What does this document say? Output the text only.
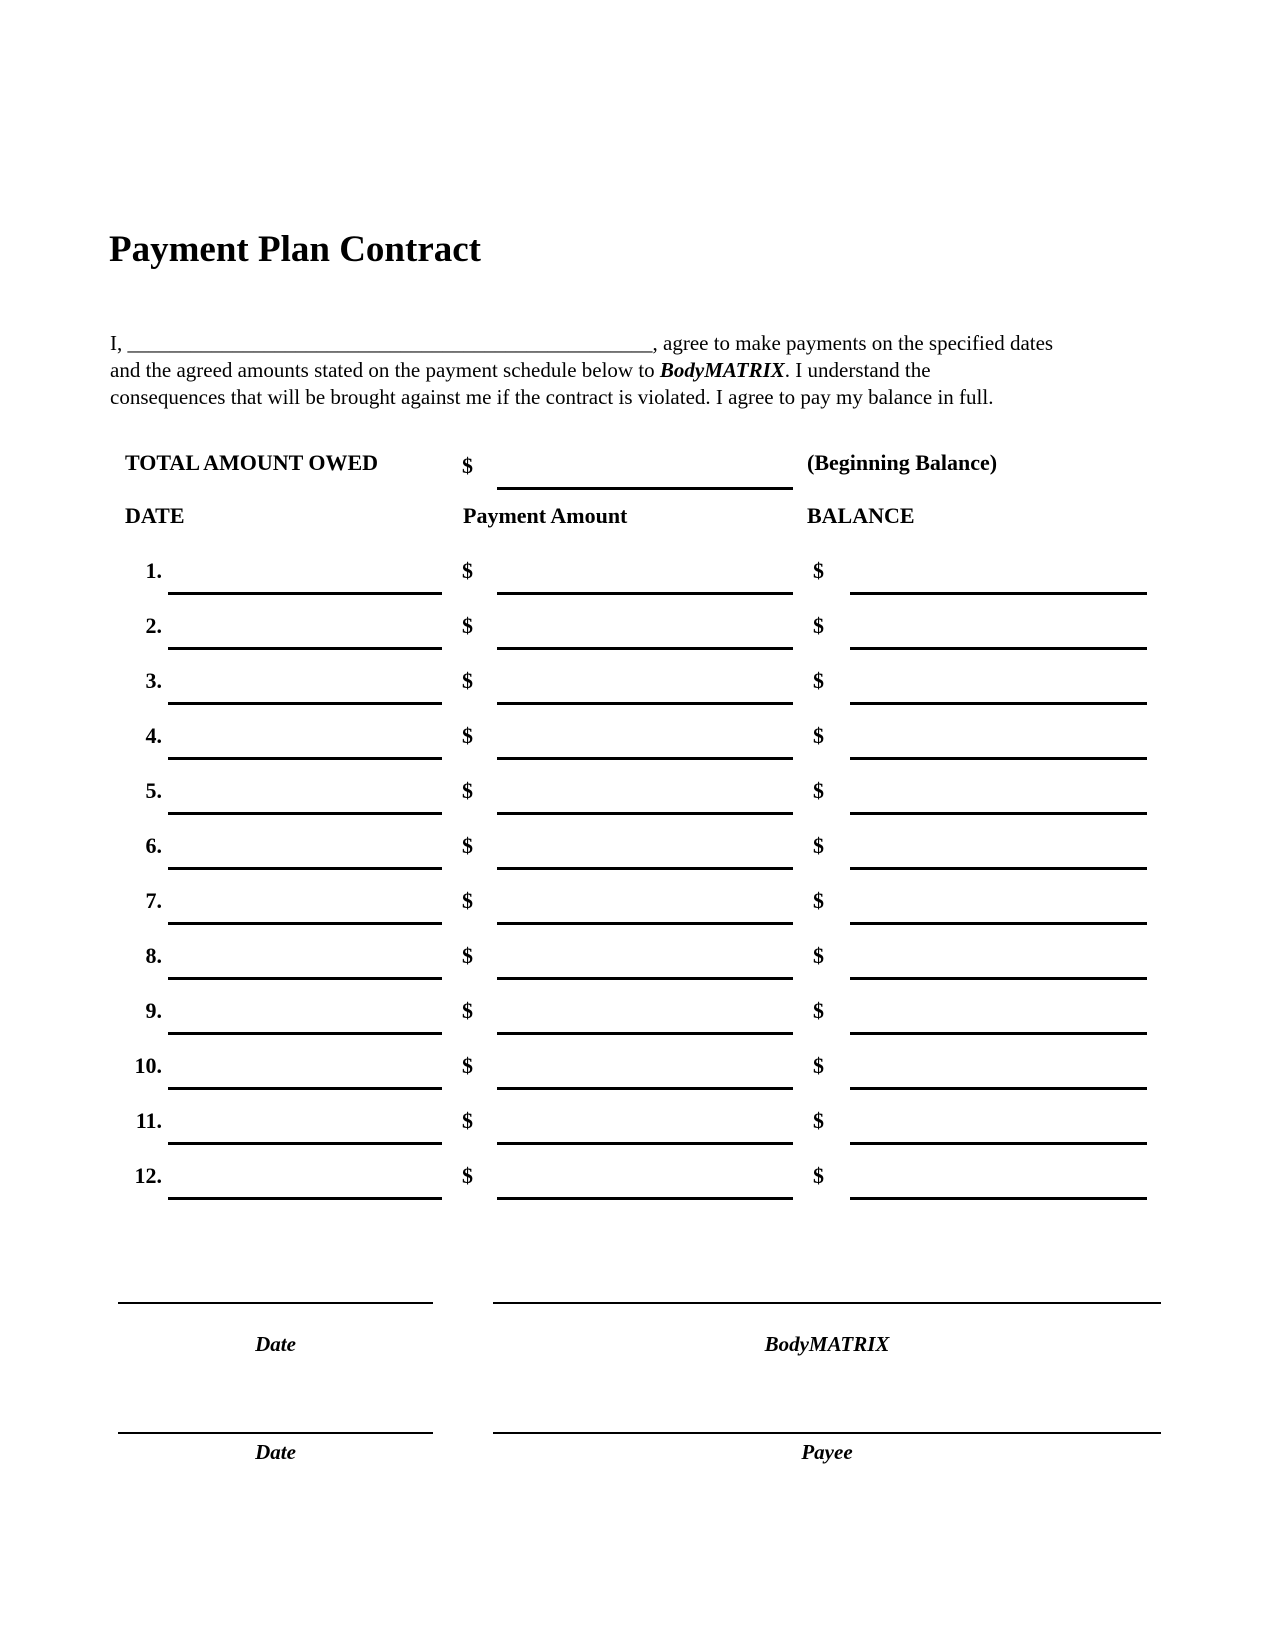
Payment Plan Contract
I, __________________________________________________, agree to make payments on the specified dates
and the agreed amounts stated on the payment schedule below to BodyMATRIX. I understand the
consequences that will be brought against me if the contract is violated. I agree to pay my balance in full.
TOTAL AMOUNT OWED	$	(Beginning Balance)
DATE	Payment Amount	BALANCE
1.	$	$
2.	$	$
3.	$	$
4.	$	$
5.	$	$
6.	$	$
7.	$	$
8.	$	$
9.	$	$
10.	$	$
11.	$	$
12.	$	$
Date	BodyMATRIX
Date	Payee
